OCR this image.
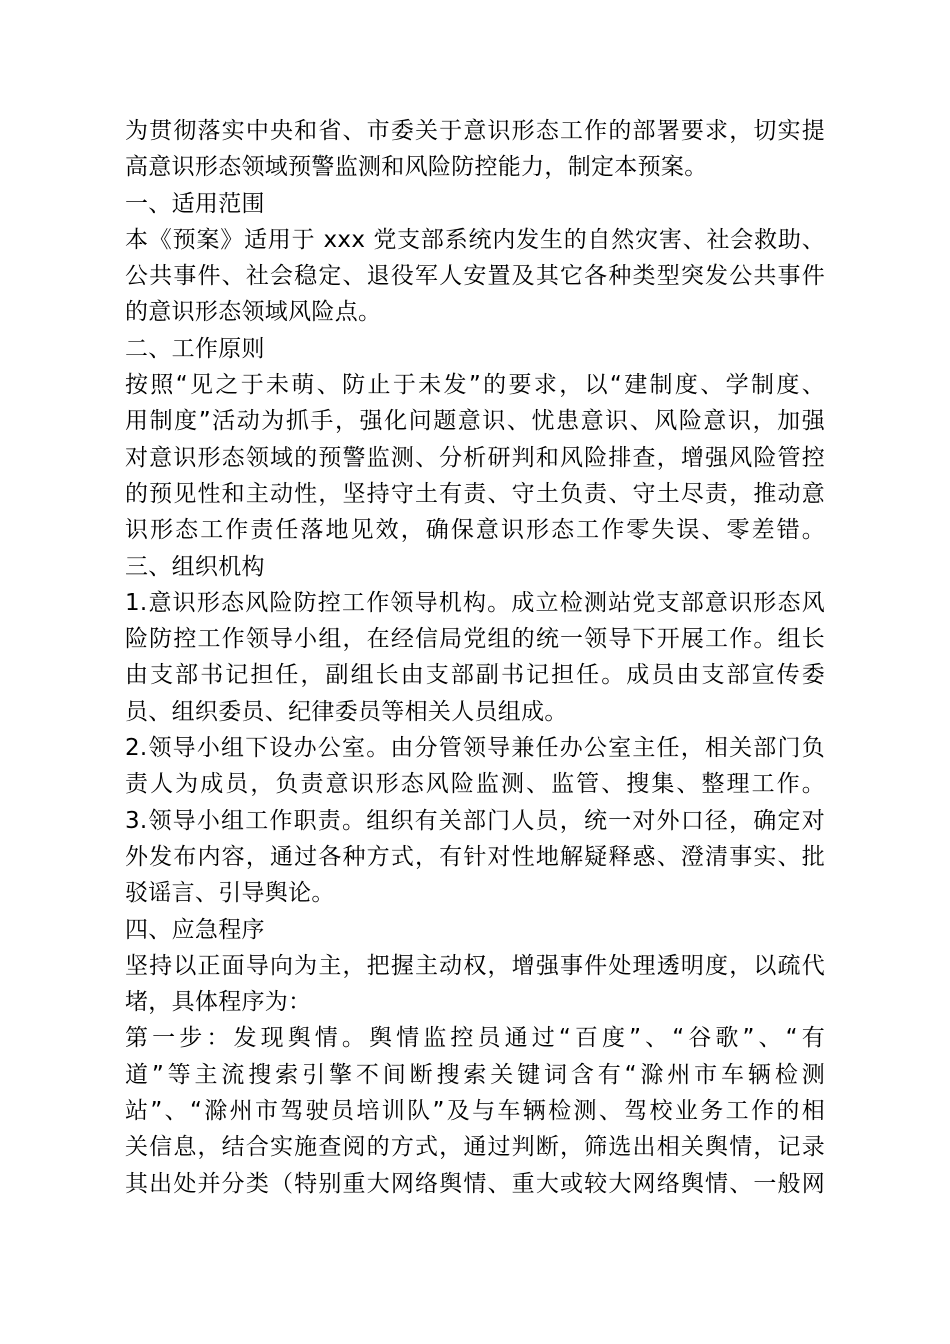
为贯彻落实中央和省、市委关于意识形态工作的部署要求，切实提
高意识形态领域预警监测和风险防控能力，制定本预案。
一、适用范围
本《预案》适用于 xxx 党支部系统内发生的自然灾害、社会救助、
公共事件、社会稳定、退役军人安置及其它各种类型突发公共事件
的意识形态领域风险点。
二、工作原则
按照“见之于未萌、防止于未发”的要求，以“建制度、学制度、
用制度”活动为抓手，强化问题意识、忧患意识、风险意识，加强
对意识形态领域的预警监测、分析研判和风险排查，增强风险管控
的预见性和主动性，坚持守土有责、守土负责、守土尽责，推动意
识形态工作责任落地见效，确保意识形态工作零失误、零差错。
三、组织机构
1.意识形态风险防控工作领导机构。成立检测站党支部意识形态风
险防控工作领导小组，在经信局党组的统一领导下开展工作。组长
由支部书记担任，副组长由支部副书记担任。成员由支部宣传委
员、组织委员、纪律委员等相关人员组成。
2.领导小组下设办公室。由分管领导兼任办公室主任，相关部门负
责人为成员，负责意识形态风险监测、监管、搜集、整理工作。
3.领导小组工作职责。组织有关部门人员，统一对外口径，确定对
外发布内容，通过各种方式，有针对性地解疑释惑、澄清事实、批
驳谣言、引导舆论。
四、应急程序
坚持以正面导向为主，把握主动权，增强事件处理透明度，以疏代
堵，具体程序为：
第一步：发现舆情。舆情监控员通过“百度”、“谷歌”、“有
道”等主流搜索引擎不间断搜索关键词含有“滁州市车辆检测
站”、“滁州市驾驶员培训队”及与车辆检测、驾校业务工作的相
关信息，结合实施查阅的方式，通过判断，筛选出相关舆情，记录
其出处并分类（特别重大网络舆情、重大或较大网络舆情、一般网
